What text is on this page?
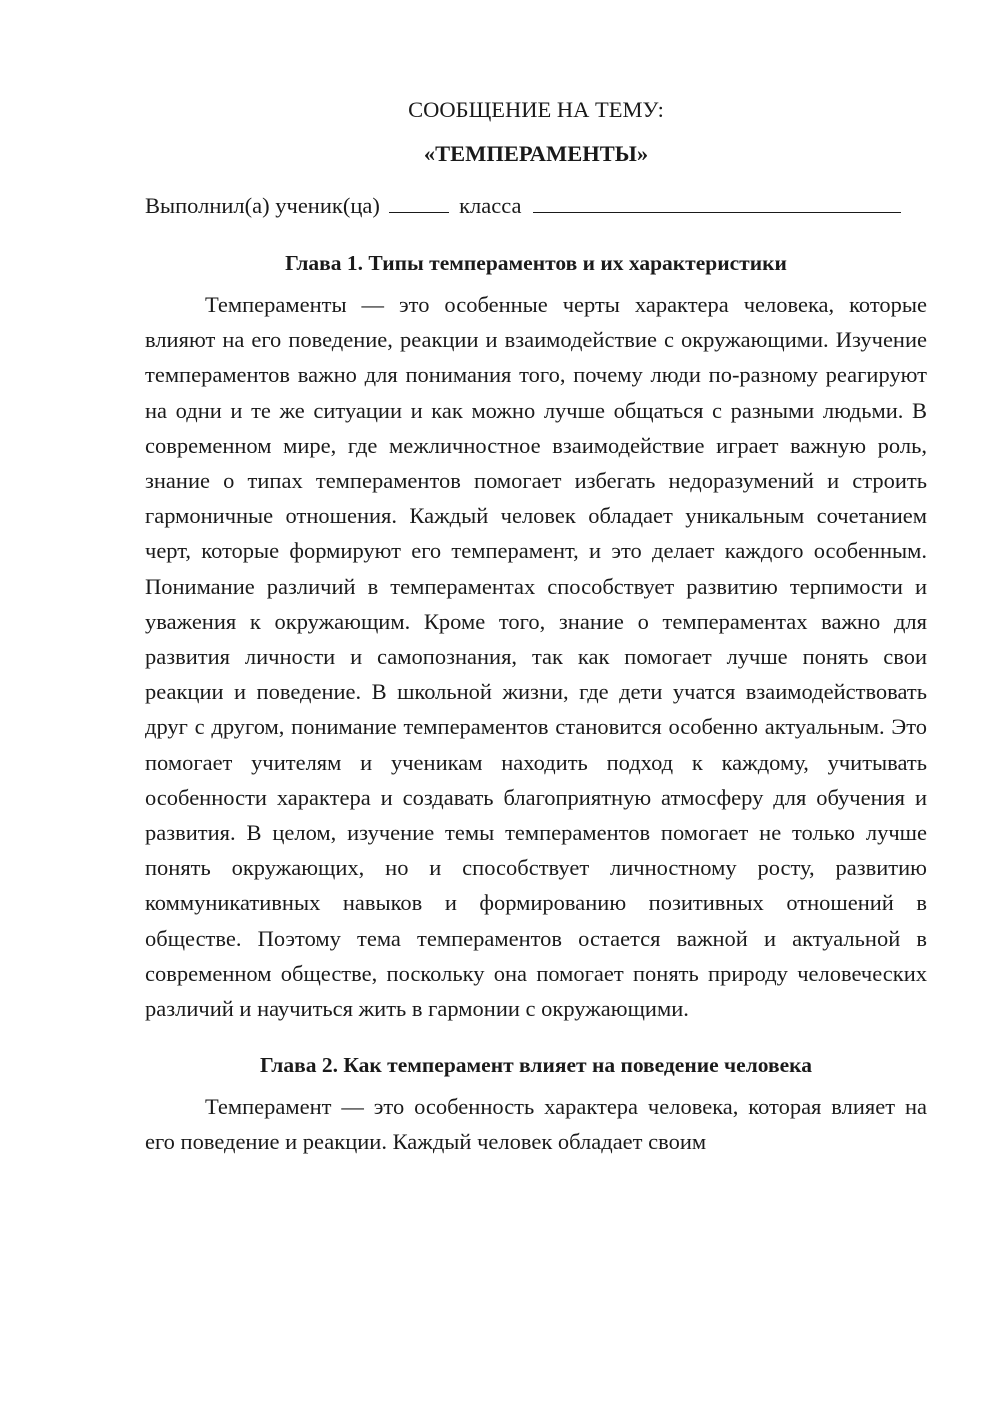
СООБЩЕНИЕ НА ТЕМУ:

«ТЕМПЕРАМЕНТЫ»

Выполнил(а) ученик(ца)	класса

Глава 1. Типы темпераментов и их характеристики

Темпераменты — это особенные черты характера человека, которые влияют на его поведение, реакции и взаимодействие с окружающими. Изучение темпераментов важно для понимания того, почему люди по-разному реагируют на одни и те же ситуации и как можно лучше общаться с разными людьми. В современном мире, где межличностное взаимодействие играет важную роль, знание о типах темпераментов помогает избегать недоразумений и строить гармоничные отношения. Каждый человек обладает уникальным сочетанием черт, которые формируют его темперамент, и это делает каждого особенным. Понимание различий в темпераментах способствует развитию терпимости и уважения к окружающим. Кроме того, знание о темпераментах важно для развития личности и самопознания, так как помогает лучше понять свои реакции и поведение. В школьной жизни, где дети учатся взаимодействовать друг с другом, понимание темпераментов становится особенно актуальным. Это помогает учителям и ученикам находить подход к каждому, учитывать особенности характера и создавать благоприятную атмосферу для обучения и развития. В целом, изучение темы темпераментов помогает не только лучше понять окружающих, но и способствует личностному росту, развитию коммуникативных навыков и формированию позитивных отношений в обществе. Поэтому тема темпераментов остается важной и актуальной в современном обществе, поскольку она помогает понять природу человеческих различий и научиться жить в гармонии с окружающими.

Глава 2. Как темперамент влияет на поведение человека

Темперамент — это особенность характера человека, которая влияет на его поведение и реакции. Каждый человек обладает своим
